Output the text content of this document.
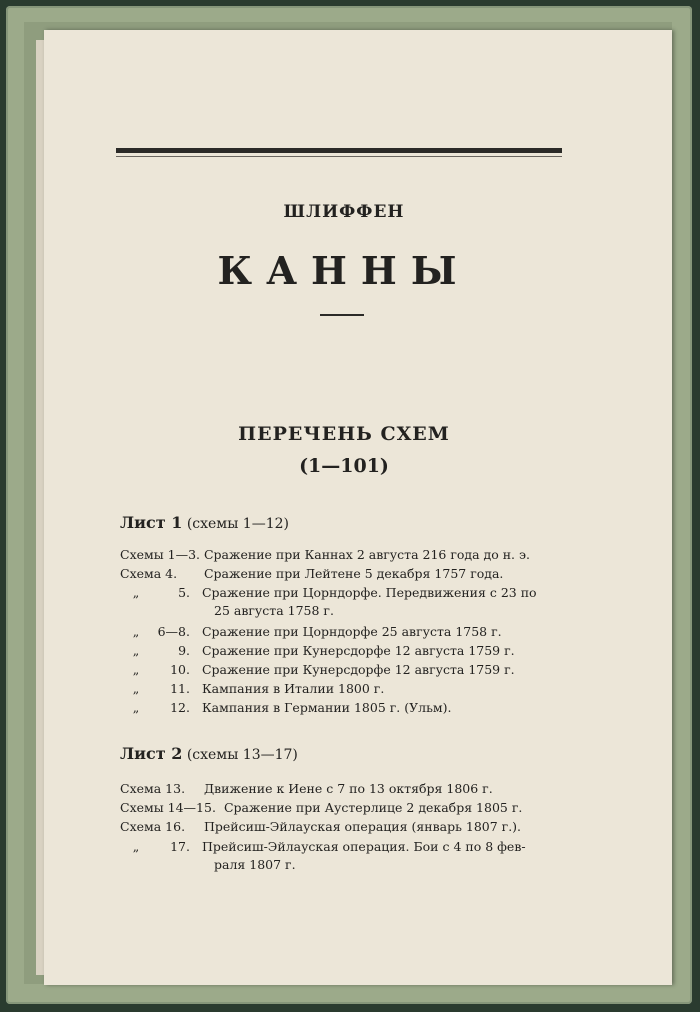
ШЛИФФЕН
КАННЫ
ПЕРЕЧЕНЬ СХЕМ
(1—101)
Лист 1 (схемы 1—12)
Схемы 1—3. Сражение при Каннах 2 августа 216 года до н. э.
Схема 4. Сражение при Лейтене 5 декабря 1757 года.
„	5. Сражение при Цорндорфе. Передвижения с 23 по
25 августа 1758 г.
„ 6—8. Сражение при Цорндорфе 25 августа 1758 г.
„	9. Сражение при Кунерсдорфе 12 августа 1759 г.
„ 10. Сражение при Кунерсдорфе 12 августа 1759 г.
„ 11. Кампания в Италии 1800 г.
„ 12. Кампания в Германии 1805 г. (Ульм).
Лист 2 (схемы 13—17)
Схема 13. Движение к Иене с 7 по 13 октября 1806 г.
Схемы 14—15. Сражение при Аустерлице 2 декабря 1805 г.
Схема 16. Прейсиш-Эйлауская операция (январь 1807 г.).
„ 17. Прейсиш-Эйлауская операция. Бои с 4 по 8 фев-
раля 1807 г.
